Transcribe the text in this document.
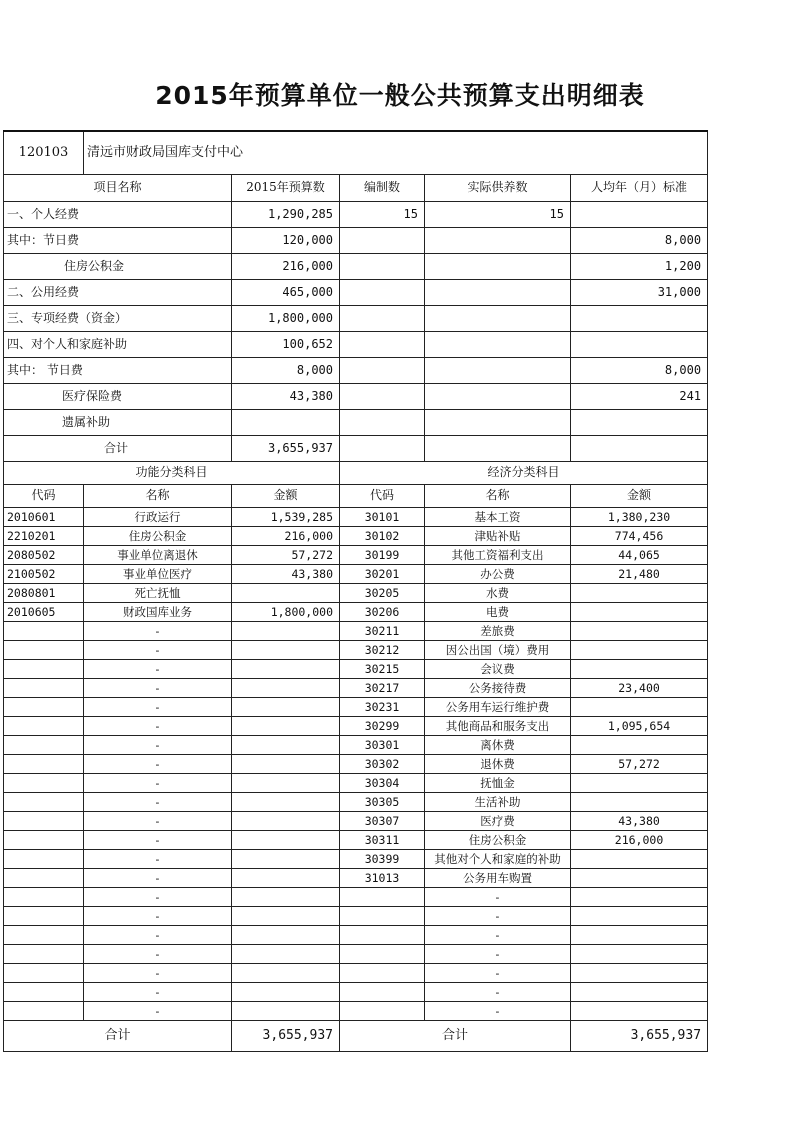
2015年预算单位一般公共预算支出明细表
120103	清远市财政局国库支付中心				
项目名称		2015年预算数	编制数	实际供养数	人均年（月）标准
一、个人经费		1,290,285	15	15	
其中：节日费		120,000			8,000
住房公积金		216,000			1,200
二、公用经费		465,000			31,000
三、专项经费（资金）		1,800,000			
四、对个人和家庭补助		100,652			
其中： 节日费		8,000			8,000
医疗保险费		43,380			241
遗属补助					
合计		3,655,937			
功能分类科目			经济分类科目		
代码	名称	金额	代码	名称	金额
2010601	行政运行	1,539,285	30101	基本工资	1,380,230
2210201	住房公积金	216,000	30102	津贴补贴	774,456
2080502	事业单位离退休	57,272	30199	其他工资福利支出	44,065
2100502	事业单位医疗	43,380	30201	办公费	21,480
2080801	死亡抚恤		30205	水费	
2010605	财政国库业务	1,800,000	30206	电费	
	-		30211	差旅费	
	-		30212	因公出国（境）费用	
	-		30215	会议费	
	-		30217	公务接待费	23,400
	-		30231	公务用车运行维护费	
	-		30299	其他商品和服务支出	1,095,654
	-		30301	离休费	
	-		30302	退休费	57,272
	-		30304	抚恤金	
	-		30305	生活补助	
	-		30307	医疗费	43,380
	-		30311	住房公积金	216,000
	-		30399	其他对个人和家庭的补助	
	-		31013	公务用车购置	
	-			-	
	-			-	
	-			-	
	-			-	
	-			-	
	-			-	
	-			-	
合计		3,655,937	合计		3,655,937
